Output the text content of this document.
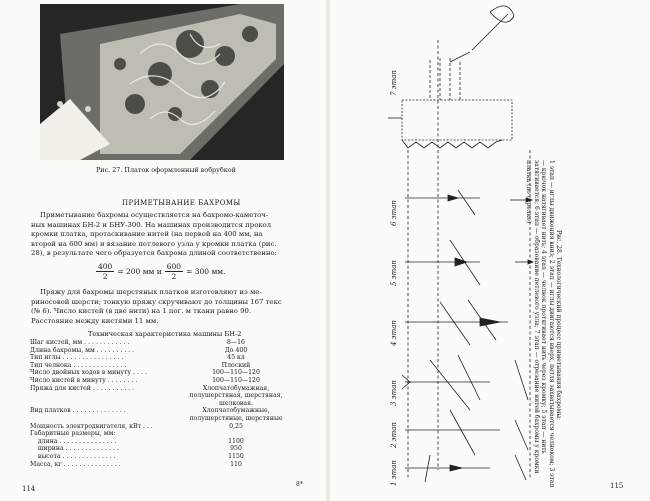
Рис. 27. Платок оформленный вобрубкой
ПРИМЕТЫВАНИЕ БАХРОМЫ
Приметывание бахромы осуществляется на бахромо-каметоч-
ных машинах БН-2 и БНУ-300. На машинах производится прокол
кромки платка, протаскивание нитей (на первой на 400 мм, на
второй на 600 мм) и вязание петлевого узла у кромки платка (рис.
28), в результате чего образуется бахрома длиной соответственно:
$\frac{400}{2} = 200$ мм и $\frac{600}{2} = 300$ мм.
Пряжу для бахромы шерстяных платков изготовляют из ме-
риносовой шерсти; тонкую пряжу скручивают до толщины 167 текс
(№ 6). Число кистей (в две нити) на 1 пог. м ткани равно 90.
Расстояние между кистями 11 мм.
Техническая характеристика машины БН-2
Шаг кистей, мм . . . . . . . . . . . .	8—16
Длина бахромы, мм . . . . . . . . . .	До 400
Тип иглы . . . . . . . . . . . . . . . .	45 кл
Тип челнока . . . . . . . . . . . . . .	Плоский
Число двойных ходов в минуту . . . .	100—110—120
Число кистей в минуту . . . . . . . .	100—110—120
Пряжа для кистей . . . . . . . . . . .	Хлопчатобумажная, полушерстяная, шерстяная, шелковая.
Вид платков . . . . . . . . . . . . . .	Хлопчатобумажные, полушерстяные, шерстяные
Мощность электродвигателя, кВт . . .	0,25
Габаритные размеры, мм:	
длина . . . . . . . . . . . . . . .	1100
ширина . . . . . . . . . . . . . .	950
высота . . . . . . . . . . . . . .	1150
Масса, кг . . . . . . . . . . . . . . .	110
114
8*
7 этап
6 этап
5 этап
4 этап
3 этап
2 этап
1 этап

Рис. 28. Технологический процесс приметывания бахромы:

1 этап — иглы движения вниз; 2 этап — иглы двигаются вверх, петля захватывается челноком; 3 этап — крючок натягивает нить; 4 этап — челнок протягивает нить через кромку; 5 этап — нить затягивается; 6 этап — образование петлевого узла; 7 этап — отрезание нитей бахромы у кромки платка (по стрелке)

115
